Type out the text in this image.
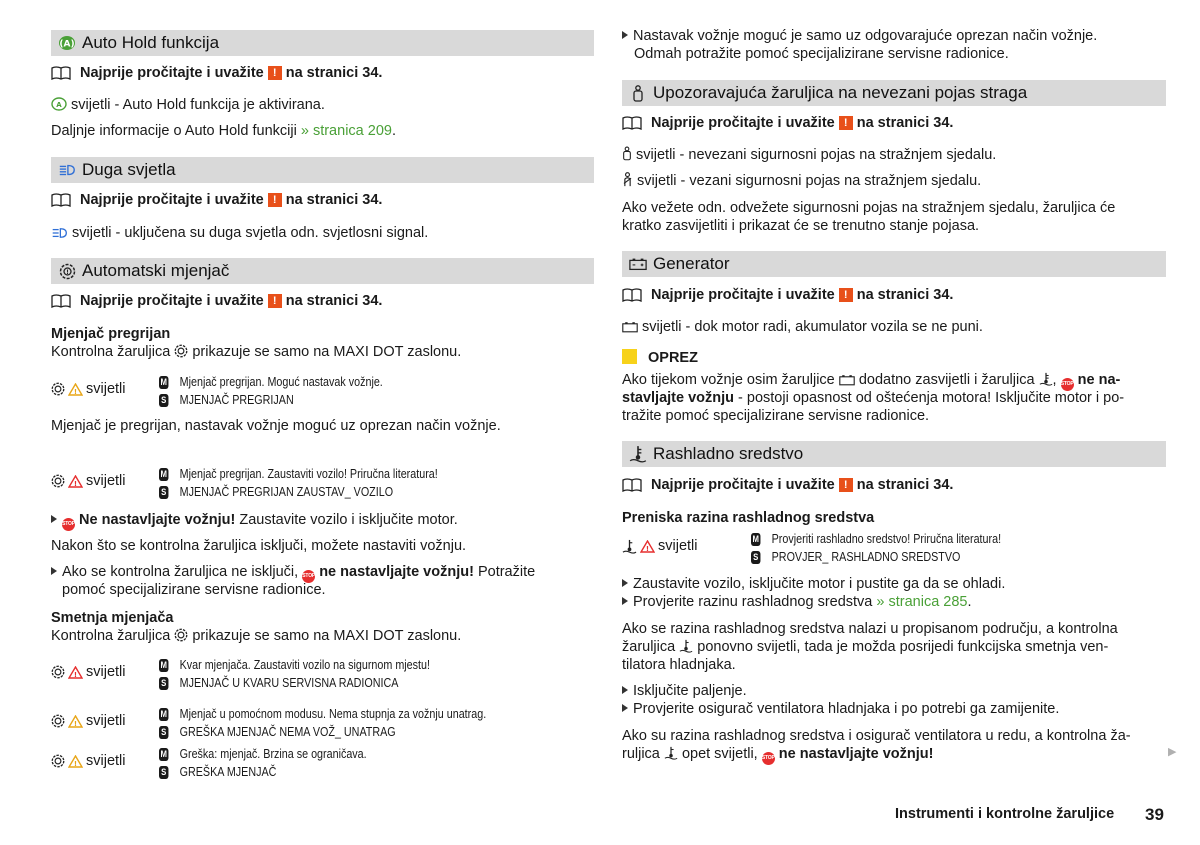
(A) Auto Hold funkcija
Najprije pročitajte i uvažite ! na stranici 34.
A svijetli - Auto Hold funkcija je aktivirana.
Daljnje informacije o Auto Hold funkciji » stranica 209.
Duga svjetla
Najprije pročitajte i uvažite ! na stranici 34.
svijetli - uključena su duga svjetla odn. svjetlosni signal.
! Automatski mjenjač
Najprije pročitajte i uvažite ! na stranici 34.
Mjenjač pregrijan
Kontrolna žaruljica prikazuje se samo na MAXI DOT zaslonu.
! svijetli	M Mjenjač pregrijan. Moguć nastavak vožnje.
S MJENJAČ PREGRIJAN
Mjenjač je pregrijan, nastavak vožnje moguć uz oprezan način vožnje.
! svijetli	M Mjenjač pregrijan. Zaustaviti vozilo! Priručna literatura!
S MJENJAČ PREGRIJAN ZAUSTAV_ VOZILO
STOP Ne nastavljajte vožnju! Zaustavite vozilo i isključite motor.
Nakon što se kontrolna žaruljica isključi, možete nastaviti vožnju.
Ako se kontrolna žaruljica ne isključi, STOP ne nastavljajte vožnju! Potražite
pomoć specijalizirane servisne radionice.
Smetnja mjenjača
Kontrolna žaruljica prikazuje se samo na MAXI DOT zaslonu.
! svijetli	M Kvar mjenjača. Zaustaviti vozilo na sigurnom mjestu!
S MJENJAČ U KVARU SERVISNA RADIONICA
! svijetli	M Mjenjač u pomoćnom modusu. Nema stupnja za vožnju unatrag.
S GREŠKA MJENJAČ NEMA VOŽ_ UNATRAG
! svijetli	M Greška: mjenjač. Brzina se ograničava.
S GREŠKA MJENJAČ
Nastavak vožnje moguć je samo uz odgovarajuće oprezan način vožnje.
Odmah potražite pomoć specijalizirane servisne radionice.
Upozoravajuća žaruljica na nevezani pojas straga
Najprije pročitajte i uvažite ! na stranici 34.
svijetli - nevezani sigurnosni pojas na stražnjem sjedalu.
svijetli - vezani sigurnosni pojas na stražnjem sjedalu.
Ako vežete odn. odvežete sigurnosni pojas na stražnjem sjedalu, žaruljica će
kratko zasvijetliti i prikazat će se trenutno stanje pojasa.
Generator
Najprije pročitajte i uvažite ! na stranici 34.
svijetli - dok motor radi, akumulator vozila se ne puni.
OPREZ
Ako tijekom vožnje osim žaruljice dodatno zasvijetli i žaruljica , STOP ne na-
stavljajte vožnju - postoji opasnost od oštećenja motora! Isključite motor i po-
tražite pomoć specijalizirane servisne radionice.
Rashladno sredstvo
Najprije pročitajte i uvažite ! na stranici 34.
Preniska razina rashladnog sredstva
! svijetli	M Provjeriti rashladno sredstvo! Priručna literatura!
S PROVJER_ RASHLADNO SREDSTVO
Zaustavite vozilo, isključite motor i pustite ga da se ohladi.
Provjerite razinu rashladnog sredstva » stranica 285.
Ako se razina rashladnog sredstva nalazi u propisanom području, a kontrolna
žaruljica ponovno svijetli, tada je možda posrijedi funkcijska smetnja ven-
tilatora hladnjaka.
Isključite paljenje.
Provjerite osigurač ventilatora hladnjaka i po potrebi ga zamijenite.
Ako su razina rashladnog sredstva i osigurač ventilatora u redu, a kontrolna ža-
ruljica opet svijetli, STOP ne nastavljajte vožnju!	▶
Instrumenti i kontrolne žaruljice 39
